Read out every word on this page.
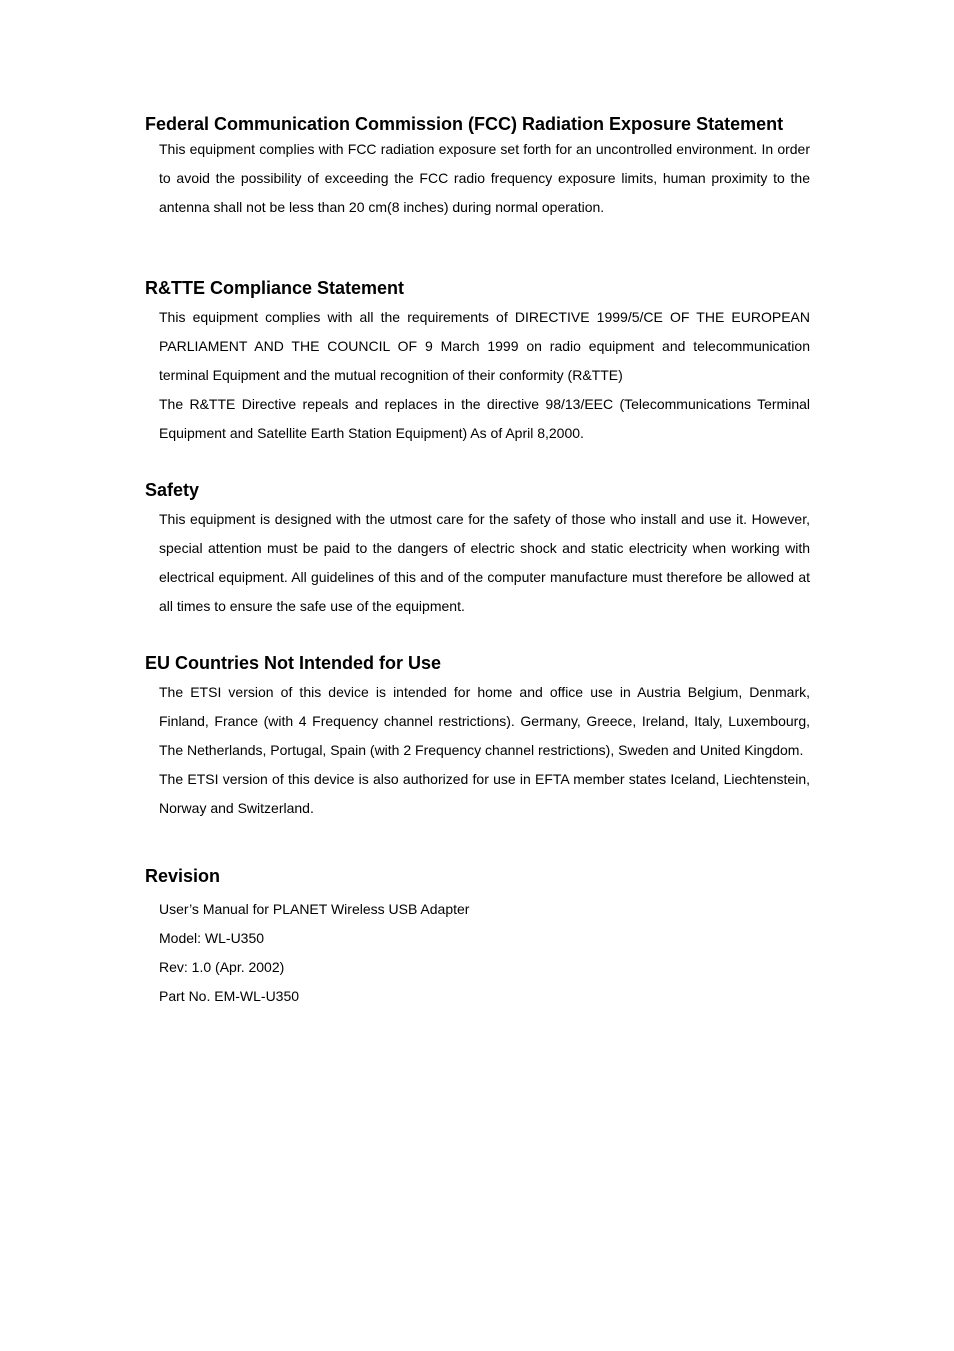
Federal Communication Commission (FCC) Radiation Exposure Statement

This equipment complies with FCC radiation exposure set forth for an uncontrolled environment. In order to avoid the possibility of exceeding the FCC radio frequency exposure limits, human proximity to the antenna shall not be less than 20 cm(8 inches) during normal operation.

R&TTE Compliance Statement

This equipment complies with all the requirements of DIRECTIVE 1999/5/CE OF THE EUROPEAN PARLIAMENT AND THE COUNCIL OF 9 March 1999 on radio equipment and telecommunication terminal Equipment and the mutual recognition of their conformity (R&TTE)

The R&TTE Directive repeals and replaces in the directive 98/13/EEC (Telecommunications Terminal Equipment and Satellite Earth Station Equipment) As of April 8,2000.

Safety

This equipment is designed with the utmost care for the safety of those who install and use it. However, special attention must be paid to the dangers of electric shock and static electricity when working with electrical equipment. All guidelines of this and of the computer manufacture must therefore be allowed at all times to ensure the safe use of the equipment.

EU Countries Not Intended for Use

The ETSI version of this device is intended for home and office use in Austria Belgium, Denmark, Finland, France (with 4 Frequency channel restrictions). Germany, Greece, Ireland, Italy, Luxembourg, The Netherlands, Portugal, Spain (with 2 Frequency channel restrictions), Sweden and United Kingdom.

The ETSI version of this device is also authorized for use in EFTA member states Iceland, Liechtenstein, Norway and Switzerland.

Revision

User’s Manual for PLANET Wireless USB Adapter

Model: WL-U350

Rev: 1.0 (Apr. 2002)

Part No. EM-WL-U350
